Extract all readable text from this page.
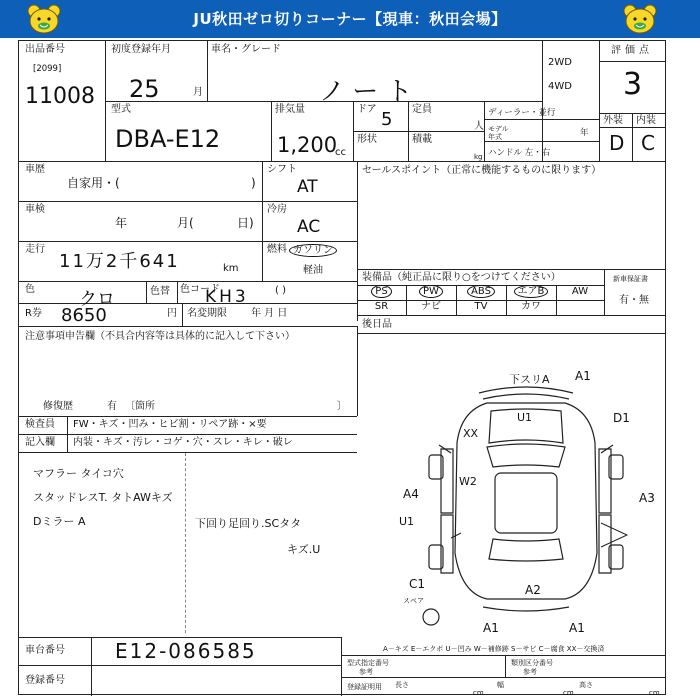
JU秋田ゼロ切りコーナー【現車：秋田会場】
出品番号
[2099]
11008
初度登録年月
25	月
車名・グレード
ノート
2WD
4WD
評価点
3
外装 内装
D C
型式
DBA-E12
排気量
1,200
cc
ドア 5 定員
人
形状	積載
kg
ディーラー・並行
モデル
年式	年
ハンドル 左・右
車歴
自家用・(	)
シフト
AT
車検
年	月(	日)
冷房
AC
走行
11万2千641	km
燃料 ガソリン
軽油
( )
色 クロ	色替 色コード
KH3
R券 8650	円 名変期限 年 月 日
セールスポイント（正常に機能するものに限ります）
装備品（純正品に限り○をつけてください）
PS	PW	ABS	エアB	AW
SR	ナビ	TV	カワ
新車保証書
有・無
後日品
注意事項申告欄（不具合内容等は具体的に記入して下さい）
修復歴	有 〔箇所	〕
検査員
記入欄
FW・キズ・凹み・ヒビ割・リペア跡・×要
内装・キズ・汚レ・コゲ・穴・スレ・キレ・破レ
マフラー タイコ穴
スタッドレスT. タトAWキズ
Dミラー A	下回り足回り.SCタタ
キズ.U
下スリA A1
U1
XX
D1
W2
A4	A3
U1
C1	A2
A1	A1
スペア
A－キズ E－エクボ U－凹み W－補修跡 S－サビ C－腐食 XX－交換済
車台番号	E12-086585
登録番号
型式指定番号
参考
類別区分番号
参考
登録証明用 長さ
cm
幅
cm
高さ
cm
